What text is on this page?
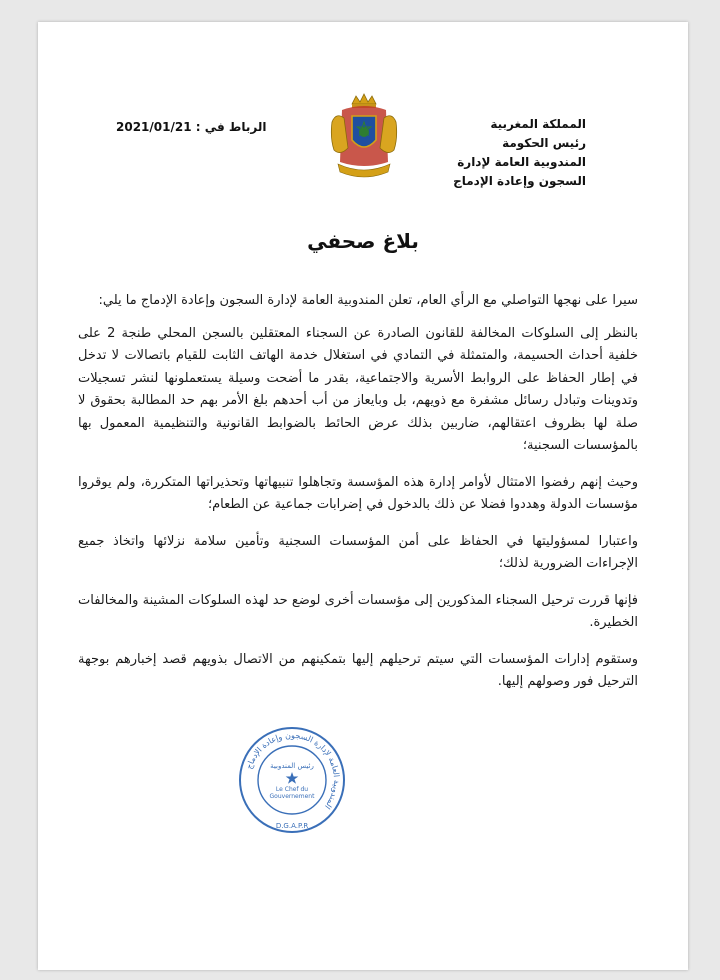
المملكة المغربية
رئيس الحكومة
المندوبية العامة لإدارة
السجون وإعادة الإدماج
الرباط في : 2021/01/21
بلاغ صحفي

سيرا على نهجها التواصلي مع الرأي العام، تعلن المندوبية العامة لإدارة السجون وإعادة الإدماج ما يلي:

بالنظر إلى السلوكات المخالفة للقانون الصادرة عن السجناء المعتقلين بالسجن المحلي طنجة 2 على خلفية أحداث الحسيمة، والمتمثلة في التمادي في استغلال خدمة الهاتف الثابت للقيام باتصالات لا تدخل في إطار الحفاظ على الروابط الأسرية والاجتماعية، بقدر ما أضحت وسيلة يستعملونها لنشر تسجيلات وتدوينات وتبادل رسائل مشفرة مع ذويهم، بل وبايعاز من أب أحدهم بلغ الأمر بهم حد المطالبة بحقوق لا صلة لها بظروف اعتقالهم، ضاربين بذلك عرض الحائط بالضوابط القانونية والتنظيمية المعمول بها بالمؤسسات السجنية؛

وحيث إنهم رفضوا الامتثال لأوامر إدارة هذه المؤسسة وتجاهلوا تنبيهاتها وتحذيراتها المتكررة، ولم يوقروا مؤسسات الدولة وهددوا فضلا عن ذلك بالدخول في إضرابات جماعية عن الطعام؛

واعتبارا لمسؤوليتها في الحفاظ على أمن المؤسسات السجنية وتأمين سلامة نزلائها واتخاذ جميع الإجراءات الضرورية لذلك؛

فإنها قررت ترحيل السجناء المذكورين إلى مؤسسات أخرى لوضع حد لهذه السلوكات المشينة والمخالفات الخطيرة.

وستقوم إدارات المؤسسات التي سيتم ترحيلهم إليها بتمكينهم من الاتصال بذويهم قصد إخبارهم بوجهة الترحيل فور وصولهم إليها.

المندوبية العامة لإدارة السجون وإعادة الإدماج
رئيس المندوبية
Le Chef du
Gouvernement
D.G.A.P.R
